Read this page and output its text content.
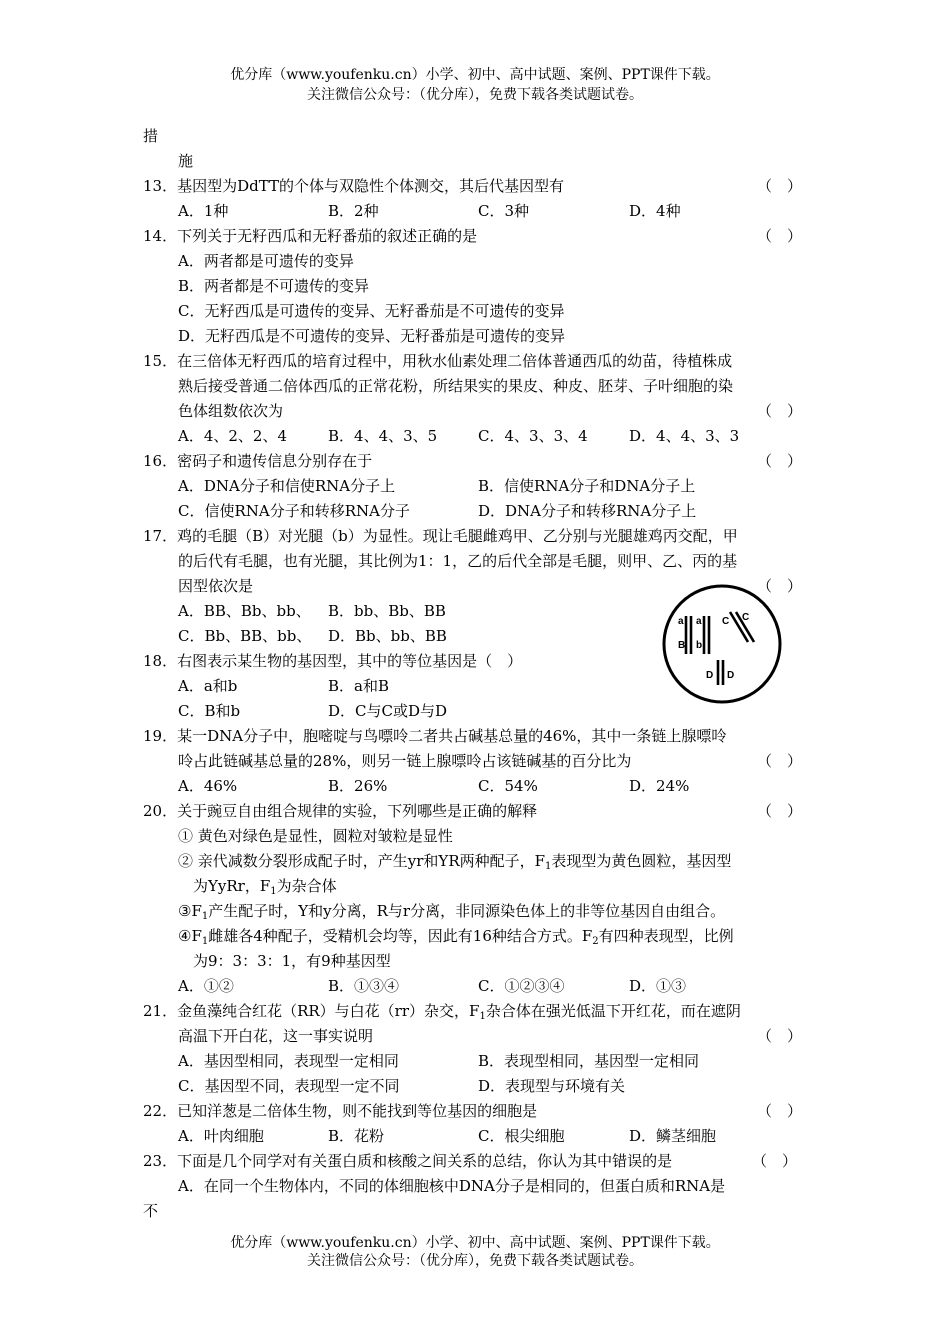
优分库（www.youfenku.cn）小学、初中、高中试题、案例、PPT课件下载。
关注微信公众号：（优分库），免费下载各类试题试卷。
措
施
13．基因型为DdTT的个体与双隐性个体测交，其后代基因型有	（　）
A．1种	B．2种	C．3种	D．4种
14．下列关于无籽西瓜和无籽番茄的叙述正确的是	（　）
A．两者都是可遗传的变异
B．两者都是不可遗传的变异
C．无籽西瓜是可遗传的变异、无籽番茄是不可遗传的变异
D．无籽西瓜是不可遗传的变异、无籽番茄是可遗传的变异
15．在三倍体无籽西瓜的培育过程中，用秋水仙素处理二倍体普通西瓜的幼苗，待植株成
熟后接受普通二倍体西瓜的正常花粉，所结果实的果皮、种皮、胚芽、子叶细胞的染
色体组数依次为	（　）
A．4、2、2、4	B．4、4、3、5	C．4、3、3、4	D．4、4、3、3
16．密码子和遗传信息分别存在于	（　）
A．DNA分子和信使RNA分子上	B．信使RNA分子和DNA分子上
C．信使RNA分子和转移RNA分子	D．DNA分子和转移RNA分子上
17．鸡的毛腿（B）对光腿（b）为显性。现让毛腿雌鸡甲、乙分别与光腿雄鸡丙交配，甲
的后代有毛腿，也有光腿，其比例为1：1，乙的后代全部是毛腿，则甲、乙、丙的基
因型依次是	（　）
A．BB、Bb、bb、 B．bb、Bb、BB
C．Bb、BB、bb、 D．Bb、bb、BB
18．右图表示某生物的基因型，其中的等位基因是（　）
A．a和b	B．a和B
C．B和b	D．C与C或D与D
a
B
a
b
C C
D D
19．某一DNA分子中，胞嘧啶与鸟嘌呤二者共占碱基总量的46%，其中一条链上腺嘌呤
呤占此链碱基总量的28%，则另一链上腺嘌呤占该链碱基的百分比为	（　）
A．46%	B．26%	C．54%	D．24%
20．关于豌豆自由组合规律的实验，下列哪些是正确的解释	（　）
① 黄色对绿色是显性，圆粒对皱粒是显性
② 亲代减数分裂形成配子时，产生yr和YR两种配子，$F_1$表现型为黄色圆粒，基因型
为YyRr，$F_1$为杂合体
$③F_1$产生配子时，Y和y分离，R与r分离，非同源染色体上的非等位基因自由组合。
$④F_1$雌雄各4种配子，受精机会均等，因此有16种结合方式。$F_2$有四种表现型，比例
为9：3：3：1，有9种基因型
A．①②	B．①③④	C．①②③④	D．①③
21．金鱼藻纯合红花（RR）与白花（rr）杂交，$F_1$杂合体在强光低温下开红花，而在遮阴
高温下开白花，这一事实说明	（　）
A．基因型相同，表现型一定相同	B．表现型相同，基因型一定相同
C．基因型不同，表现型一定不同	D．表现型与环境有关
22．已知洋葱是二倍体生物，则不能找到等位基因的细胞是	（　）
A．叶肉细胞	B．花粉	C．根尖细胞	D．鳞茎细胞
23．下面是几个同学对有关蛋白质和核酸之间关系的总结，你认为其中错误的是	（　）
A．在同一个生物体内，不同的体细胞核中DNA分子是相同的，但蛋白质和RNA是
不
优分库（www.youfenku.cn）小学、初中、高中试题、案例、PPT课件下载。
关注微信公众号：（优分库），免费下载各类试题试卷。
